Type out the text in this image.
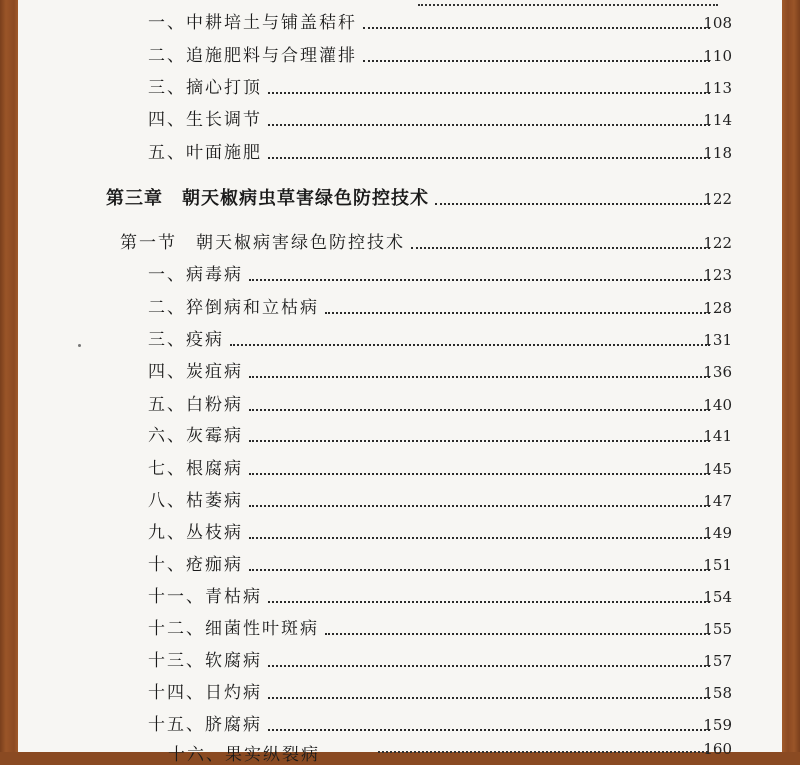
一、中耕培土与铺盖秸秆	108
二、追施肥料与合理灌排	110
三、摘心打顶	113
四、生长调节	114
五、叶面施肥	118
第三章　朝天椒病虫草害绿色防控技术	122
第一节　朝天椒病害绿色防控技术	122
一、病毒病	123
二、猝倒病和立枯病	128
三、疫病	131
四、炭疽病	136
五、白粉病	140
六、灰霉病	141
七、根腐病	145
八、枯萎病	147
九、丛枝病	149
十、疮痂病	151
十一、青枯病	154
十二、细菌性叶斑病	155
十三、软腐病	157
十四、日灼病	158
十五、脐腐病	159
十六、果实纵裂病	160
